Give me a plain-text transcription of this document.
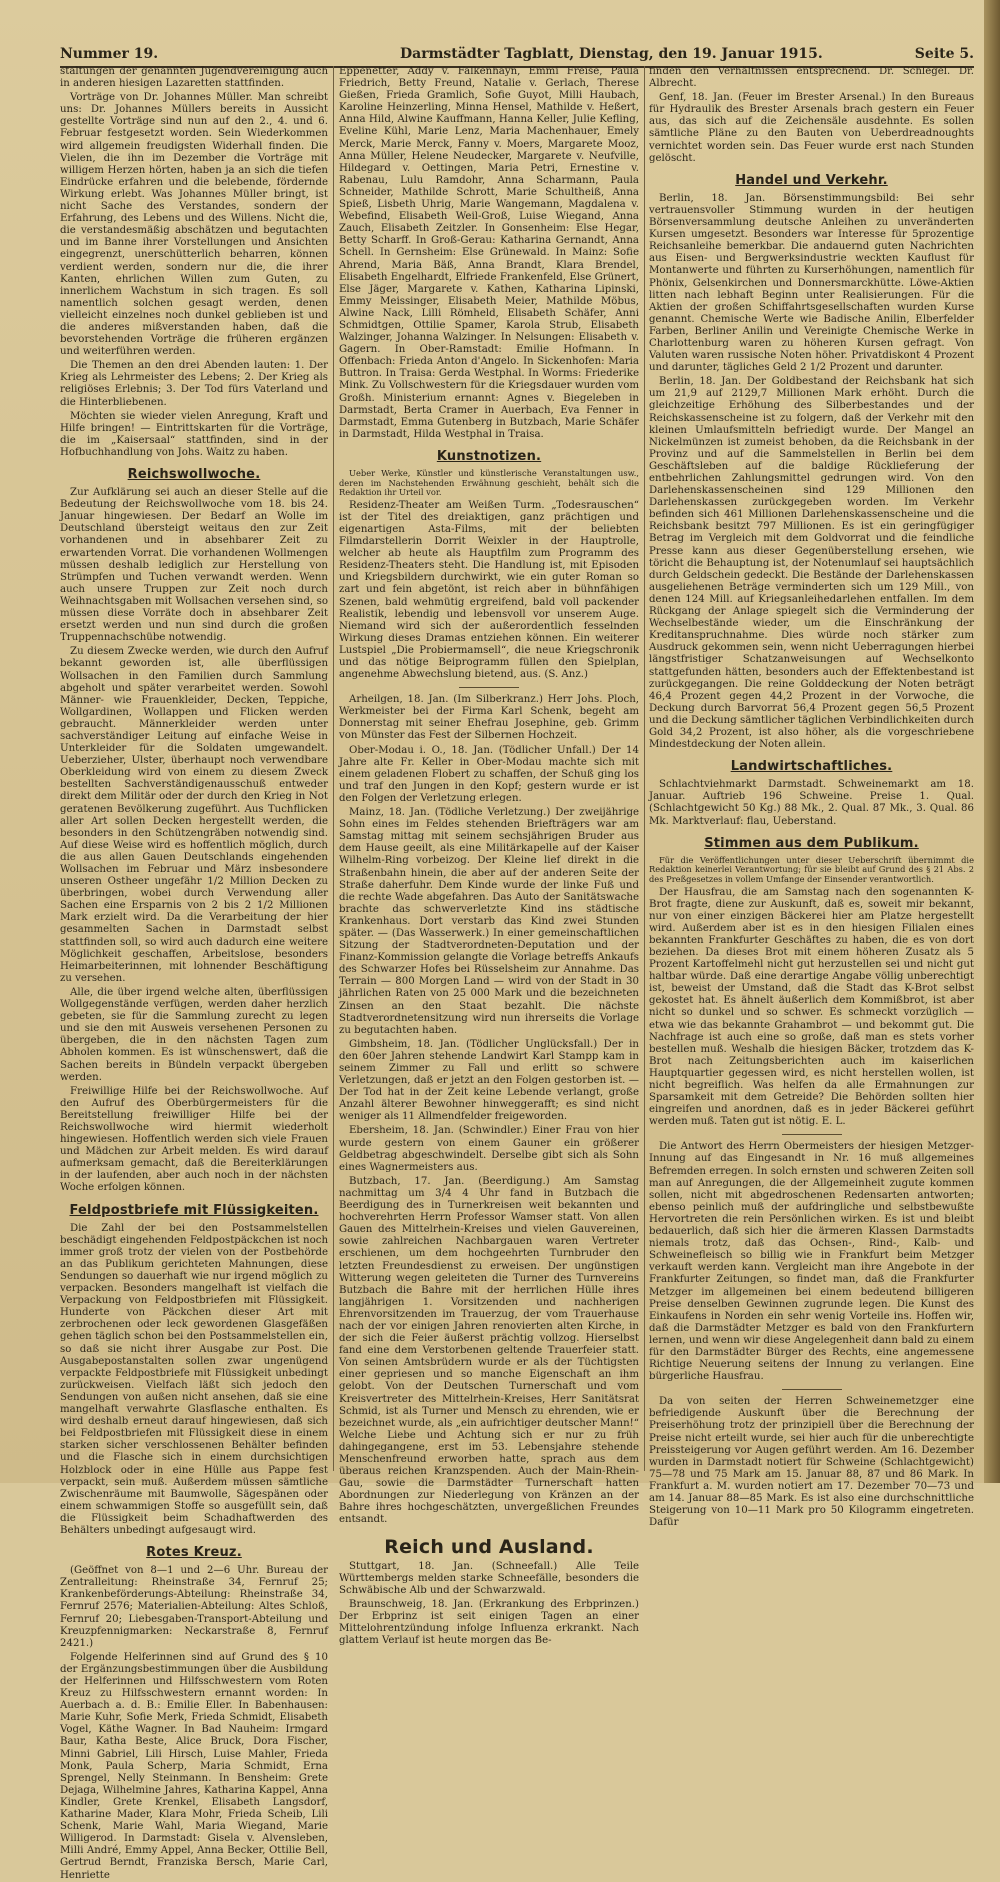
Nummer 19.	Darmstädter Tagblatt, Dienstag, den 19. Januar 1915.	Seite 5.

staltungen der genannten Jugendvereinigung auch in anderen hiesigen Lazaretten stattfinden.

Vorträge von Dr. Johannes Müller. Man schreibt uns: Dr. Johannes Müllers bereits in Aussicht gestellte Vorträge sind nun auf den 2., 4. und 6. Februar festgesetzt worden. Sein Wiederkommen wird allgemein freudigsten Widerhall finden. Die Vielen, die ihn im Dezember die Vorträge mit willigem Herzen hörten, haben ja an sich die tiefen Eindrücke erfahren und die belebende, fördernde Wirkung erlebt. Was Johannes Müller bringt, ist nicht Sache des Verstandes, sondern der Erfahrung, des Lebens und des Willens. Nicht die, die verstandesmäßig abschätzen und begutachten und im Banne ihrer Vorstellungen und Ansichten eingegrenzt, unerschütterlich beharren, können verdient werden, sondern nur die, die ihrer Kanten, ehrlichen Willen zum Guten, zu innerlichem Wachstum in sich tragen. Es soll namentlich solchen gesagt werden, denen vielleicht einzelnes noch dunkel geblieben ist und die anderes mißverstanden haben, daß die bevorstehenden Vorträge die früheren ergänzen und weiterführen werden.

Die Themen an den drei Abenden lauten: 1. Der Krieg als Lehrmeister des Lebens; 2. Der Krieg als religiöses Erlebnis; 3. Der Tod fürs Vaterland und die Hinterbliebenen.

Möchten sie wieder vielen Anregung, Kraft und Hilfe bringen! — Eintrittskarten für die Vorträge, die im „Kaisersaal“ stattfinden, sind in der Hofbuchhandlung von Johs. Waitz zu haben.

Reichswollwoche.

Zur Aufklärung sei auch an dieser Stelle auf die Bedeutung der Reichswollwoche vom 18. bis 24. Januar hingewiesen. Der Bedarf an Wolle im Deutschland übersteigt weitaus den zur Zeit vorhandenen und in absehbarer Zeit zu erwartenden Vorrat. Die vorhandenen Wollmengen müssen deshalb lediglich zur Herstellung von Strümpfen und Tuchen verwandt werden. Wenn auch unsere Truppen zur Zeit noch durch Weihnachtsgaben mit Wollsachen versehen sind, so müssen diese Vorräte doch in absehbarer Zeit ersetzt werden und nun sind durch die großen Truppennachschübe notwendig.

Zu diesem Zwecke werden, wie durch den Aufruf bekannt geworden ist, alle überflüssigen Wollsachen in den Familien durch Sammlung abgeholt und später verarbeitet werden. Sowohl Männer- wie Frauenkleider, Decken, Teppiche, Wollgardinen, Wollappen und Flicken werden gebraucht. Männerkleider werden unter sachverständiger Leitung auf einfache Weise in Unterkleider für die Soldaten umgewandelt. Ueberzieher, Ulster, überhaupt noch verwendbare Oberkleidung wird von einem zu diesem Zweck bestellten Sachverständigenausschuß entweder direkt dem Militär oder der durch den Krieg in Not geratenen Bevölkerung zugeführt. Aus Tuchflicken aller Art sollen Decken hergestellt werden, die besonders in den Schützengräben notwendig sind. Auf diese Weise wird es hoffentlich möglich, durch die aus allen Gauen Deutschlands eingehenden Wollsachen im Februar und März insbesondere unseren Ostheer ungefähr 1/2 Million Decken zu überbringen, wobei durch Verwendung aller Sachen eine Ersparnis von 2 bis 2 1/2 Millionen Mark erzielt wird. Da die Verarbeitung der hier gesammelten Sachen in Darmstadt selbst stattfinden soll, so wird auch dadurch eine weitere Möglichkeit geschaffen, Arbeitslose, besonders Heimarbeiterinnen, mit lohnender Beschäftigung zu versehen.

Alle, die über irgend welche alten, überflüssigen Wollgegenstände verfügen, werden daher herzlich gebeten, sie für die Sammlung zurecht zu legen und sie den mit Ausweis versehenen Personen zu übergeben, die in den nächsten Tagen zum Abholen kommen. Es ist wünschenswert, daß die Sachen bereits in Bündeln verpackt übergeben werden.

Freiwillige Hilfe bei der Reichswollwoche. Auf den Aufruf des Oberbürgermeisters für die Bereitstellung freiwilliger Hilfe bei der Reichswollwoche wird hiermit wiederholt hingewiesen. Hoffentlich werden sich viele Frauen und Mädchen zur Arbeit melden. Es wird darauf aufmerksam gemacht, daß die Bereiterklärungen in der laufenden, aber auch noch in der nächsten Woche erfolgen können.

Feldpostbriefe mit Flüssigkeiten.

Die Zahl der bei den Postsammelstellen beschädigt eingehenden Feldpostpäckchen ist noch immer groß trotz der vielen von der Postbehörde an das Publikum gerichteten Mahnungen, diese Sendungen so dauerhaft wie nur irgend möglich zu verpacken. Besonders mangelhaft ist vielfach die Verpackung von Feldpostbriefen mit Flüssigkeit. Hunderte von Päckchen dieser Art mit zerbrochenen oder leck gewordenen Glasgefäßen gehen täglich schon bei den Postsammelstellen ein, so daß sie nicht ihrer Ausgabe zur Post. Die Ausgabepostanstalten sollen zwar ungenügend verpackte Feldpostbriefe mit Flüssigkeit unbedingt zurückweisen. Vielfach läßt sich jedoch den Sendungen von außen nicht ansehen, daß sie eine mangelhaft verwahrte Glasflasche enthalten. Es wird deshalb erneut darauf hingewiesen, daß sich bei Feldpostbriefen mit Flüssigkeit diese in einem starken sicher verschlossenen Behälter befinden und die Flasche sich in einem durchsichtigen Holzblock oder in eine Hülle aus Pappe fest verpackt, sein muß. Außerdem müssen sämtliche Zwischenräume mit Baumwolle, Sägespänen oder einem schwammigen Stoffe so ausgefüllt sein, daß die Flüssigkeit beim Schadhaftwerden des Behälters unbedingt aufgesaugt wird.

Rotes Kreuz.

(Geöffnet von 8—1 und 2—6 Uhr. Bureau der Zentralleitung: Rheinstraße 34, Fernruf 25; Krankenbeförderungs-Abteilung: Rheinstraße 34, Fernruf 2576; Materialien-Abteilung: Altes Schloß, Fernruf 20; Liebesgaben-Transport-Abteilung und Kreuzpfennigmarken: Neckarstraße 8, Fernruf 2421.)

Folgende Helferinnen sind auf Grund des § 10 der Ergänzungsbestimmungen über die Ausbildung der Helferinnen und Hilfsschwestern vom Roten Kreuz zu Hilfsschwestern ernannt worden: In Auerbach a. d. B.: Emilie Eller. In Babenhausen: Marie Kuhr, Sofie Merk, Frieda Schmidt, Elisabeth Vogel, Käthe Wagner. In Bad Nauheim: Irmgard Baur, Katha Beste, Alice Bruck, Dora Fischer, Minni Gabriel, Lili Hirsch, Luise Mahler, Frieda Monk, Paula Scherp, Maria Schmidt, Erna Sprengel, Nelly Steinmann. In Bensheim: Grete Dejaga, Wilhelmine Jahres, Katharina Kappel, Anna Kindler, Grete Krenkel, Elisabeth Langsdorf, Katharine Mader, Klara Mohr, Frieda Scheib, Lili Schenk, Marie Wahl, Maria Wiegand, Marie Willigerod. In Darmstadt: Gisela v. Alvensleben, Milli André, Emmy Appel, Anna Becker, Ottilie Bell, Gertrud Berndt, Franziska Bersch, Marie Carl, Henriette

Eppenetter, Addy v. Falkenhayn, Emmi Freise, Paula Friedrich, Betty Freund, Natalie v. Gerlach, Therese Gießen, Frieda Gramlich, Sofie Guyot, Milli Haubach, Karoline Heinzerling, Minna Hensel, Mathilde v. Heßert, Anna Hild, Alwine Kauffmann, Hanna Keller, Julie Kefling, Eveline Kühl, Marie Lenz, Maria Machenhauer, Emely Merck, Marie Merck, Fanny v. Moers, Margarete Mooz, Anna Müller, Helene Neudecker, Margarete v. Neufville, Hildegard v. Oettingen, Maria Petri, Ernestine v. Rabenau, Lulu Ramdohr, Anna Scharmann, Paula Schneider, Mathilde Schrott, Marie Schultheiß, Anna Spieß, Lisbeth Uhrig, Marie Wangemann, Magdalena v. Webefind, Elisabeth Weil-Groß, Luise Wiegand, Anna Zauch, Elisabeth Zeitzler. In Gonsenheim: Else Hegar, Betty Scharff. In Groß-Gerau: Katharina Gernandt, Anna Schell. In Gernsheim: Else Grünewald. In Mainz: Sofie Ahrend, Maria Bäß, Anna Brandt, Klara Brendel, Elisabeth Engelhardt, Elfriede Frankenfeld, Else Grünert, Else Jäger, Margarete v. Kathen, Katharina Lipinski, Emmy Meissinger, Elisabeth Meier, Mathilde Möbus, Alwine Nack, Lilli Römheld, Elisabeth Schäfer, Anni Schmidtgen, Ottilie Spamer, Karola Strub, Elisabeth Walzinger, Johanna Walzinger. In Nelsungen: Elisabeth v. Gagern. In Ober-Ramstadt: Emilie Hofmann. In Offenbach: Frieda Anton d'Angelo. In Sickenhofen: Maria Buttron. In Traisa: Gerda Westphal. In Worms: Friederike Mink. Zu Vollschwestern für die Kriegsdauer wurden vom Großh. Ministerium ernannt: Agnes v. Biegeleben in Darmstadt, Berta Cramer in Auerbach, Eva Fenner in Darmstadt, Emma Gutenberg in Butzbach, Marie Schäfer in Darmstadt, Hilda Westphal in Traisa.

Kunstnotizen.

Ueber Werke, Künstler und künstlerische Veranstaltungen usw., deren im Nachstehenden Erwähnung geschieht, behält sich die Redaktion ihr Urteil vor.

Residenz-Theater am Weißen Turm. „Todesrauschen“ ist der Titel des dreiaktigen, ganz prächtigen und eigenartigen Asta-Films, mit der beliebten Filmdarstellerin Dorrit Weixler in der Hauptrolle, welcher ab heute als Hauptfilm zum Programm des Residenz-Theaters steht. Die Handlung ist, mit Episoden und Kriegsbildern durchwirkt, wie ein guter Roman so zart und fein abgetönt, ist reich aber in bühnfähigen Szenen, bald wehmütig ergreifend, bald voll packender Realistik, lebendig und lebensvoll vor unserem Auge. Niemand wird sich der außerordentlich fesselnden Wirkung dieses Dramas entziehen können. Ein weiterer Lustspiel „Die Probiermamsell“, die neue Kriegschronik und das nötige Beiprogramm füllen den Spielplan, angenehme Abwechslung bietend, aus. (S. Anz.)

Arheilgen, 18. Jan. (Im Silberkranz.) Herr Johs. Ploch, Werkmeister bei der Firma Karl Schenk, begeht am Donnerstag mit seiner Ehefrau Josephine, geb. Grimm von Münster das Fest der Silbernen Hochzeit.

Ober-Modau i. O., 18. Jan. (Tödlicher Unfall.) Der 14 Jahre alte Fr. Keller in Ober-Modau machte sich mit einem geladenen Flobert zu schaffen, der Schuß ging los und traf den Jungen in den Kopf; gestern wurde er ist den Folgen der Verletzung erlegen.

Mainz, 18. Jan. (Tödliche Verletzung.) Der zweijährige Sohn eines im Feldes stehenden Briefträgers war am Samstag mittag mit seinem sechsjährigen Bruder aus dem Hause geeilt, als eine Militärkapelle auf der Kaiser Wilhelm-Ring vorbeizog. Der Kleine lief direkt in die Straßenbahn hinein, die aber auf der anderen Seite der Straße daherfuhr. Dem Kinde wurde der linke Fuß und die rechte Wade abgefahren. Das Auto der Sanitätswache brachte das schwerverletzte Kind ins städtische Krankenhaus. Dort verstarb das Kind zwei Stunden später. — (Das Wasserwerk.) In einer gemeinschaftlichen Sitzung der Stadtverordneten-Deputation und der Finanz-Kommission gelangte die Vorlage betreffs Ankaufs des Schwarzer Hofes bei Rüsselsheim zur Annahme. Das Terrain — 800 Morgen Land — wird von der Stadt in 30 jährlichen Raten von 25 000 Mark und die bezeichneten Zinsen an den Staat bezahlt. Die nächste Stadtverordnetensitzung wird nun ihrerseits die Vorlage zu begutachten haben.

Gimbsheim, 18. Jan. (Tödlicher Unglücksfall.) Der in den 60er Jahren stehende Landwirt Karl Stampp kam in seinem Zimmer zu Fall und erlitt so schwere Verletzungen, daß er jetzt an den Folgen gestorben ist. — Der Tod hat in der Zeit keine Lebende verlangt, große Anzahl älterer Bewohner hinweggerafft; es sind nicht weniger als 11 Allmendfelder freigeworden.

Ebersheim, 18. Jan. (Schwindler.) Einer Frau von hier wurde gestern von einem Gauner ein größerer Geldbetrag abgeschwindelt. Derselbe gibt sich als Sohn eines Wagnermeisters aus.

Butzbach, 17. Jan. (Beerdigung.) Am Samstag nachmittag um 3/4 4 Uhr fand in Butzbach die Beerdigung des in Turnerkreisen weit bekannten und hochverehrten Herrn Professor Wamser statt. Von allen Gauen des Mittelrhein-Kreises und vielen Gauvereinen, sowie zahlreichen Nachbargauen waren Vertreter erschienen, um dem hochgeehrten Turnbruder den letzten Freundesdienst zu erweisen. Der ungünstigen Witterung wegen geleiteten die Turner des Turnvereins Butzbach die Bahre mit der herrlichen Hülle ihres langjährigen 1. Vorsitzenden und nachherigen Ehrenvorsitzenden im Trauerzug, der vom Trauerhause nach der vor einigen Jahren renovierten alten Kirche, in der sich die Feier äußerst prächtig vollzog. Hierselbst fand eine dem Verstorbenen geltende Trauerfeier statt. Von seinen Amtsbrüdern wurde er als der Tüchtigsten einer gepriesen und so manche Eigenschaft an ihm gelobt. Von der Deutschen Turnerschaft und vom Kreisvertreter des Mittelrhein-Kreises, Herr Sanitätsrat Schmid, ist als Turner und Mensch zu ehrenden, wie er bezeichnet wurde, als „ein aufrichtiger deutscher Mann!“ Welche Liebe und Achtung sich er nur zu früh dahingegangene, erst im 53. Lebensjahre stehende Menschenfreund erworben hatte, sprach aus dem überaus reichen Kranzspenden. Auch der Main-Rhein-Gau, sowie die Darmstädter Turnerschaft hatten Abordnungen zur Niederlegung von Kränzen an der Bahre ihres hochgeschätzten, unvergeßlichen Freundes entsandt.

Reich und Ausland.

Stuttgart, 18. Jan. (Schneefall.) Alle Teile Württembergs melden starke Schneefälle, besonders die Schwäbische Alb und der Schwarzwald.

Braunschweig, 18. Jan. (Erkrankung des Erbprinzen.) Der Erbprinz ist seit einigen Tagen an einer Mittelohrentzündung infolge Influenza erkrankt. Nach glattem Verlauf ist heute morgen das Be-

finden den Verhältnissen entsprechend. Dr. Schlegel. Dr. Albrecht.

Genf, 18. Jan. (Feuer im Brester Arsenal.) In den Bureaus für Hydraulik des Brester Arsenals brach gestern ein Feuer aus, das sich auf die Zeichensäle ausdehnte. Es sollen sämtliche Pläne zu den Bauten von Ueberdreadnoughts vernichtet worden sein. Das Feuer wurde erst nach Stunden gelöscht.

Handel und Verkehr.

Berlin, 18. Jan. Börsenstimmungsbild: Bei sehr vertrauensvoller Stimmung wurden in der heutigen Börsenversammlung deutsche Anleihen zu unveränderten Kursen umgesetzt. Besonders war Interesse für 5prozentige Reichsanleihe bemerkbar. Die andauernd guten Nachrichten aus Eisen- und Bergwerksindustrie weckten Kauflust für Montanwerte und führten zu Kurserhöhungen, namentlich für Phönix, Gelsenkirchen und Donnersmarckhütte. Löwe-Aktien litten nach lebhaft Beginn unter Realisierungen. Für die Aktien der großen Schiffahrtsgesellschaften wurden Kurse genannt. Chemische Werte wie Badische Anilin, Elberfelder Farben, Berliner Anilin und Vereinigte Chemische Werke in Charlottenburg waren zu höheren Kursen gefragt. Von Valuten waren russische Noten höher. Privatdiskont 4 Prozent und darunter, tägliches Geld 2 1/2 Prozent und darunter.

Berlin, 18. Jan. Der Goldbestand der Reichsbank hat sich um 21,9 auf 2129,7 Millionen Mark erhöht. Durch die gleichzeitige Erhöhung des Silberbestandes und der Reichskassenscheine ist zu folgern, daß der Verkehr mit den kleinen Umlaufsmitteln befriedigt wurde. Der Mangel an Nickelmünzen ist zumeist behoben, da die Reichsbank in der Provinz und auf die Sammelstellen in Berlin bei dem Geschäftsleben auf die baldige Rücklieferung der entbehrlichen Zahlungsmittel gedrungen wird. Von den Darlehenskassenscheinen sind 129 Millionen den Darlehenskassen zurückgegeben worden. Im Verkehr befinden sich 461 Millionen Darlehenskassenscheine und die Reichsbank besitzt 797 Millionen. Es ist ein geringfügiger Betrag im Vergleich mit dem Goldvorrat und die feindliche Presse kann aus dieser Gegenüberstellung ersehen, wie töricht die Behauptung ist, der Notenumlauf sei hauptsächlich durch Geldschein gedeckt. Die Bestände der Darlehenskassen ausgeliehenen Beträge verminderten sich um 129 Mill., von denen 124 Mill. auf Kriegsanleihedarlehen entfallen. Im dem Rückgang der Anlage spiegelt sich die Verminderung der Wechselbestände wieder, um die Einschränkung der Kreditanspruchnahme. Dies würde noch stärker zum Ausdruck gekommen sein, wenn nicht Ueberragungen hierbei längstfristiger Schatzanweisungen auf Wechselkonto stattgefunden hätten, besonders auch der Effektenbestand ist zurückgegangen. Die reine Golddeckung der Noten beträgt 46,4 Prozent gegen 44,2 Prozent in der Vorwoche, die Deckung durch Barvorrat 56,4 Prozent gegen 56,5 Prozent und die Deckung sämtlicher täglichen Verbindlichkeiten durch Gold 34,2 Prozent, ist also höher, als die vorgeschriebene Mindestdeckung der Noten allein.

Landwirtschaftliches.

Schlachtviehmarkt Darmstadt. Schweinemarkt am 18. Januar. Auftrieb 196 Schweine. Preise 1. Qual. (Schlachtgewicht 50 Kg.) 88 Mk., 2. Qual. 87 Mk., 3. Qual. 86 Mk. Marktverlauf: flau, Ueberstand.

Stimmen aus dem Publikum.

Für die Veröffentlichungen unter dieser Ueberschrift übernimmt die Redaktion keinerlei Verantwortung; für sie bleibt auf Grund des § 21 Abs. 2 des Preßgesetzes in vollem Umfange der Einsender verantwortlich.

Der Hausfrau, die am Samstag nach den sogenannten K-Brot fragte, diene zur Auskunft, daß es, soweit mir bekannt, nur von einer einzigen Bäckerei hier am Platze hergestellt wird. Außerdem aber ist es in den hiesigen Filialen eines bekannten Frankfurter Geschäftes zu haben, die es von dort beziehen. Da dieses Brot mit einem höheren Zusatz als 5 Prozent Kartoffelmehl nicht gut herzustellen sei und nicht gut haltbar würde. Daß eine derartige Angabe völlig unberechtigt ist, beweist der Umstand, daß die Stadt das K-Brot selbst gekostet hat. Es ähnelt äußerlich dem Kommißbrot, ist aber nicht so dunkel und so schwer. Es schmeckt vorzüglich — etwa wie das bekannte Grahambrot — und bekommt gut. Die Nachfrage ist auch eine so große, daß man es stets vorher bestellen muß. Weshalb die hiesigen Bäcker, trotzdem das K-Brot nach Zeitungsberichten auch im kaiserlichen Hauptquartier gegessen wird, es nicht herstellen wollen, ist nicht begreiflich. Was helfen da alle Ermahnungen zur Sparsamkeit mit dem Getreide? Die Behörden sollten hier eingreifen und anordnen, daß es in jeder Bäckerei geführt werden muß. Taten gut ist nötig. E. L.

Die Antwort des Herrn Obermeisters der hiesigen Metzger-Innung auf das Eingesandt in Nr. 16 muß allgemeines Befremden erregen. In solch ernsten und schweren Zeiten soll man auf Anregungen, die der Allgemeinheit zugute kommen sollen, nicht mit abgedroschenen Redensarten antworten; ebenso peinlich muß der aufdringliche und selbstbewußte Hervortreten die rein Persönlichen wirken. Es ist und bleibt bedauerlich, daß sich hier die ärmeren Klassen Darmstadts niemals trotz, daß das Ochsen-, Rind-, Kalb- und Schweinefleisch so billig wie in Frankfurt beim Metzger verkauft werden kann. Vergleicht man ihre Angebote in der Frankfurter Zeitungen, so findet man, daß die Frankfurter Metzger im allgemeinen bei einem bedeutend billigeren Preise denselben Gewinnen zugrunde legen. Die Kunst des Einkaufens in Norden ein sehr wenig Vorteile ins. Hoffen wir, daß die Darmstädter Metzger es bald von den Frankfurtern lernen, und wenn wir diese Angelegenheit dann bald zu einem für den Darmstädter Bürger des Rechts, eine angemessene Richtige Neuerung seitens der Innung zu verlangen. Eine bürgerliche Hausfrau.

Da von seiten der Herren Schweinemetzger eine befriedigende Auskunft über die Berechnung der Preiserhöhung trotz der prinzipiell über die Berechnung der Preise nicht erteilt wurde, sei hier auch für die unberechtigte Preissteigerung vor Augen geführt werden. Am 16. Dezember wurden in Darmstadt notiert für Schweine (Schlachtgewicht) 75—78 und 75 Mark am 15. Januar 88, 87 und 86 Mark. In Frankfurt a. M. wurden notiert am 17. Dezember 70—73 und am 14. Januar 88—85 Mark. Es ist also eine durchschnittliche Steigerung von 10—11 Mark pro 50 Kilogramm eingetreten. Dafür
